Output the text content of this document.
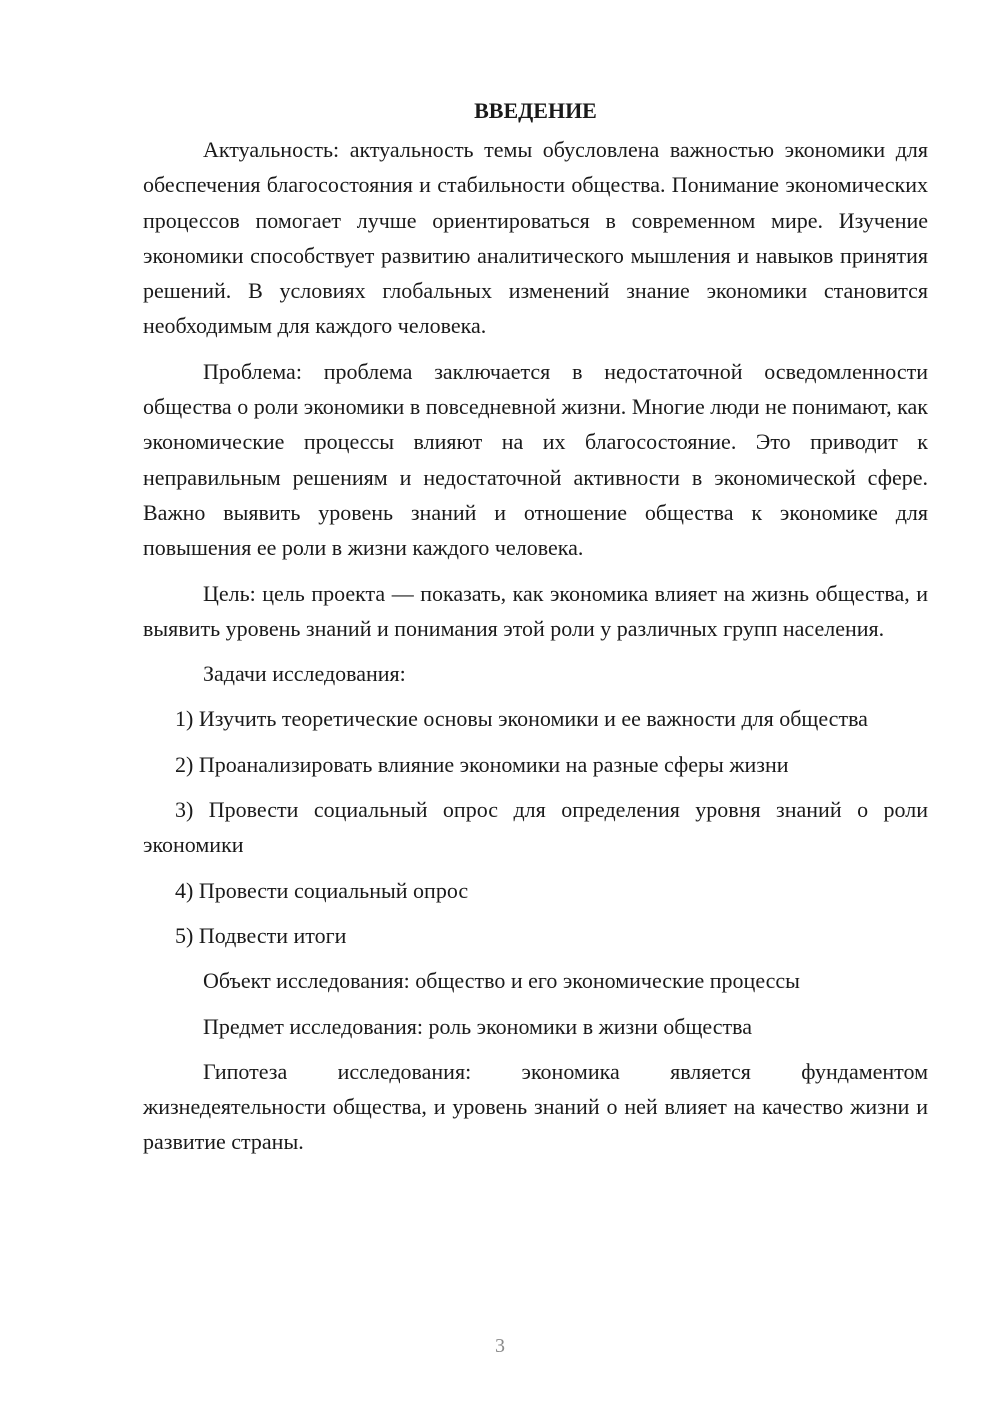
ВВЕДЕНИЕ

Актуальность: актуальность темы обусловлена важностью экономики для обеспечения благосостояния и стабильности общества. Понимание экономических процессов помогает лучше ориентироваться в современном мире. Изучение экономики способствует развитию аналитического мышления и навыков принятия решений. В условиях глобальных изменений знание экономики становится необходимым для каждого человека.

Проблема: проблема заключается в недостаточной осведомленности общества о роли экономики в повседневной жизни. Многие люди не понимают, как экономические процессы влияют на их благосостояние. Это приводит к неправильным решениям и недостаточной активности в экономической сфере. Важно выявить уровень знаний и отношение общества к экономике для повышения ее роли в жизни каждого человека.

Цель: цель проекта — показать, как экономика влияет на жизнь общества, и выявить уровень знаний и понимания этой роли у различных групп населения.

Задачи исследования:

1) Изучить теоретические основы экономики и ее важности для общества

2) Проанализировать влияние экономики на разные сферы жизни

3) Провести социальный опрос для определения уровня знаний о роли экономики

4) Провести социальный опрос

5) Подвести итоги

Объект исследования: общество и его экономические процессы

Предмет исследования: роль экономики в жизни общества

Гипотеза исследования: экономика является фундаментом жизнедеятельности общества, и уровень знаний о ней влияет на качество жизни и развитие страны.

3
